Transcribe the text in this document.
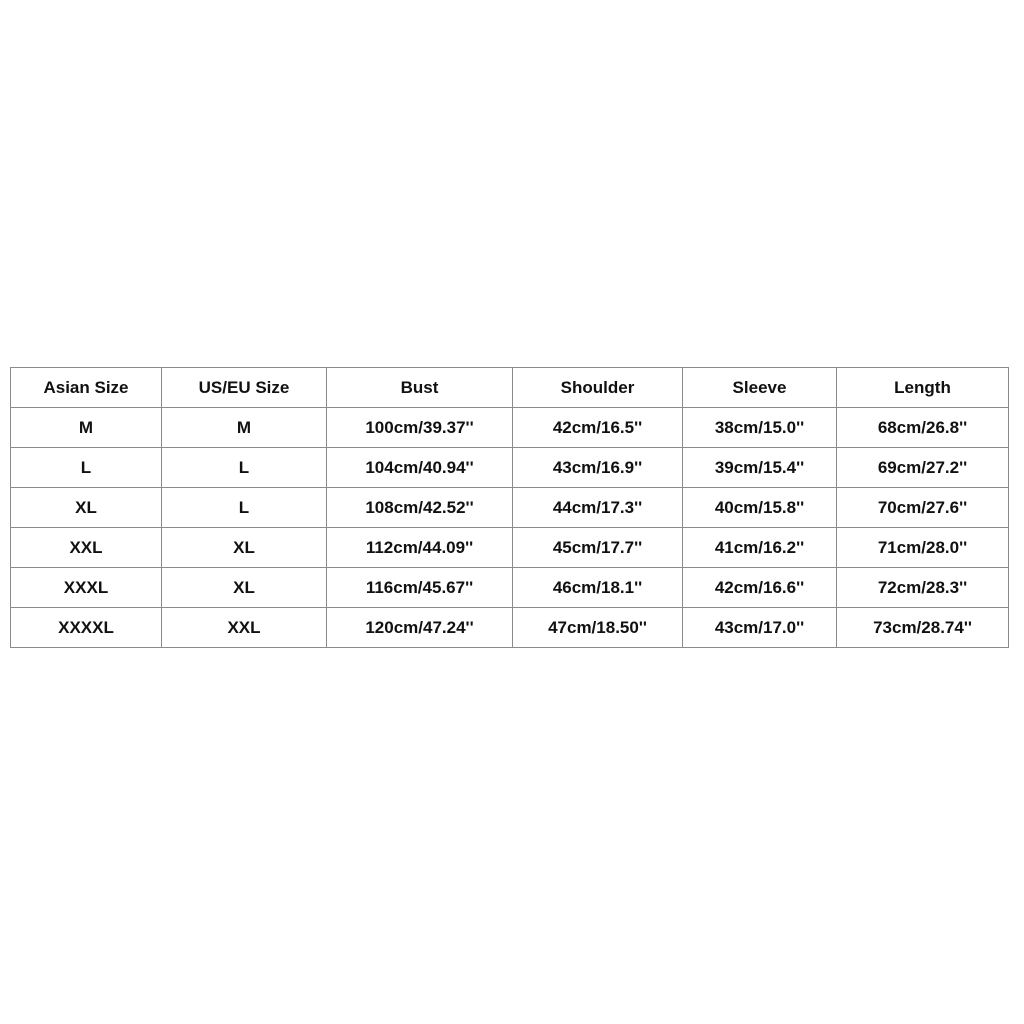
Asian Size	US/EU Size	Bust	Shoulder	Sleeve	Length
M	M	100cm/39.37''	42cm/16.5''	38cm/15.0''	68cm/26.8''
L	L	104cm/40.94''	43cm/16.9''	39cm/15.4''	69cm/27.2''
XL	L	108cm/42.52''	44cm/17.3''	40cm/15.8''	70cm/27.6''
XXL	XL	112cm/44.09''	45cm/17.7''	41cm/16.2''	71cm/28.0''
XXXL	XL	116cm/45.67''	46cm/18.1''	42cm/16.6''	72cm/28.3''
XXXXL	XXL	120cm/47.24''	47cm/18.50''	43cm/17.0''	73cm/28.74''
